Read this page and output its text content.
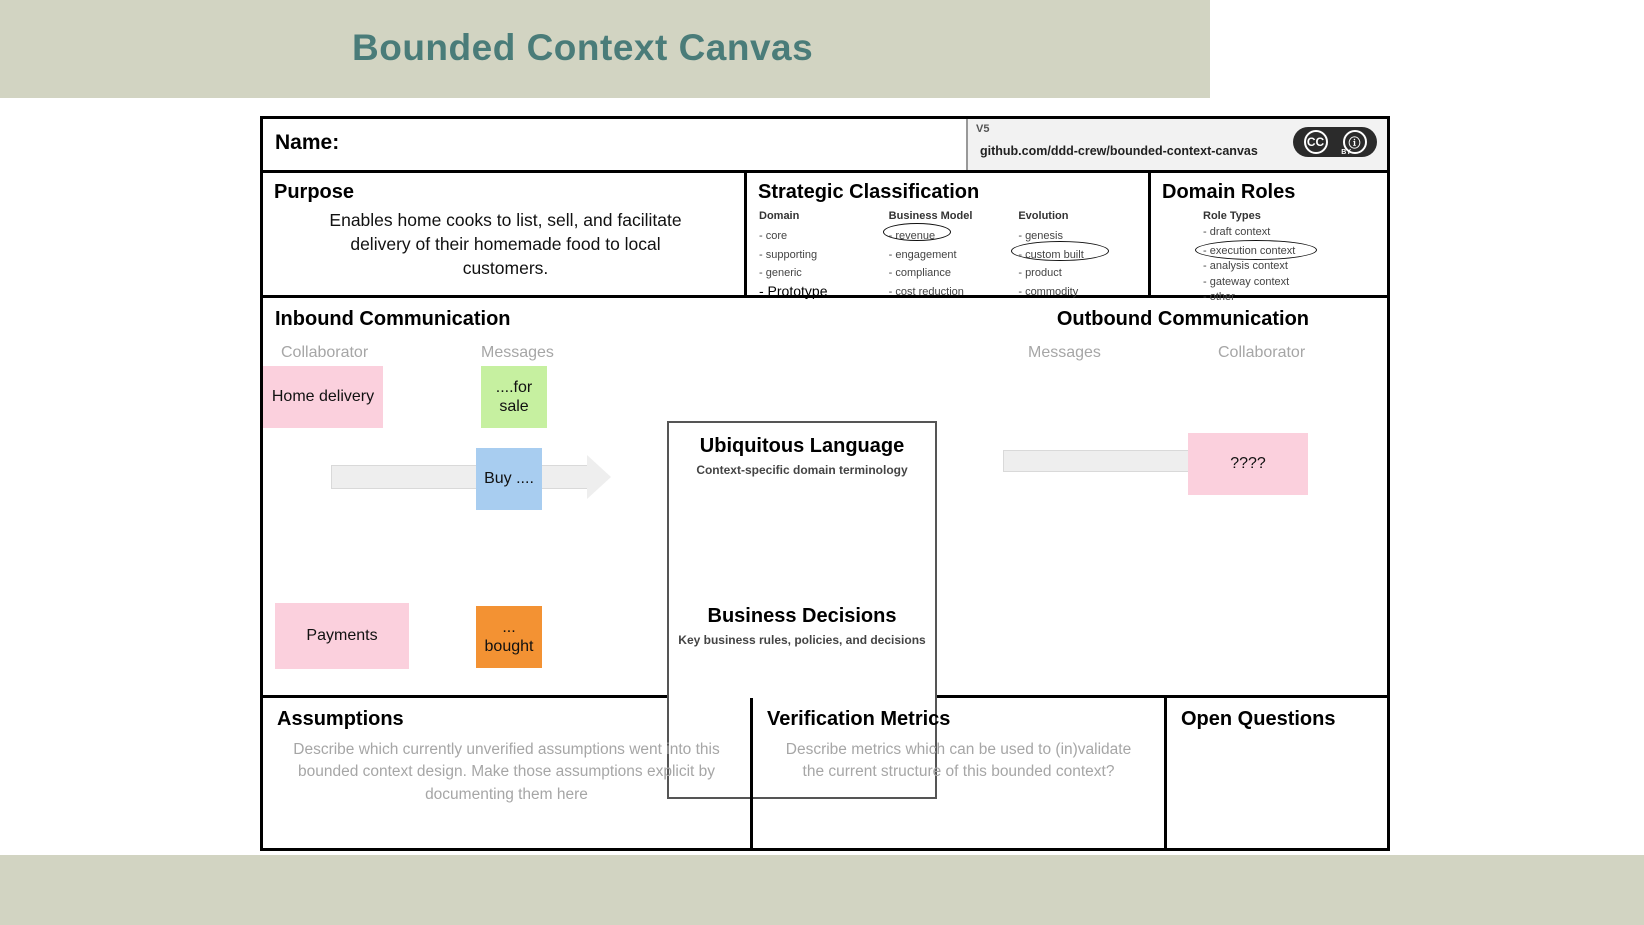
Bounded Context Canvas
Name:
V5
github.com/ddd-crew/bounded-context-canvas
CC	ⓘ
BY
Purpose
Enables home cooks to list, sell, and facilitate delivery of their homemade food to local customers.
Strategic Classification
Domain
- core
- supporting
- generic
- Prototype
Business Model
- revenue
- engagement
- compliance
- cost reduction
Evolution
- genesis
- custom built
- product
- commodity
Domain Roles
Role Types
- draft context
- execution context
- analysis context
- gateway context
- other
Inbound Communication	Outbound Communication
Collaborator	Messages	Messages	Collaborator
Home delivery
....for sale
Buy ....
Payments
... bought
????
Ubiquitous Language
Context-specific domain terminology
Business Decisions
Key business rules, policies, and decisions
Assumptions
Describe which currently unverified assumptions went into this bounded context design. Make those assumptions explicit by documenting them here
Verification Metrics
Describe metrics which can be used to (in)validate the current structure of this bounded context?
Open Questions
